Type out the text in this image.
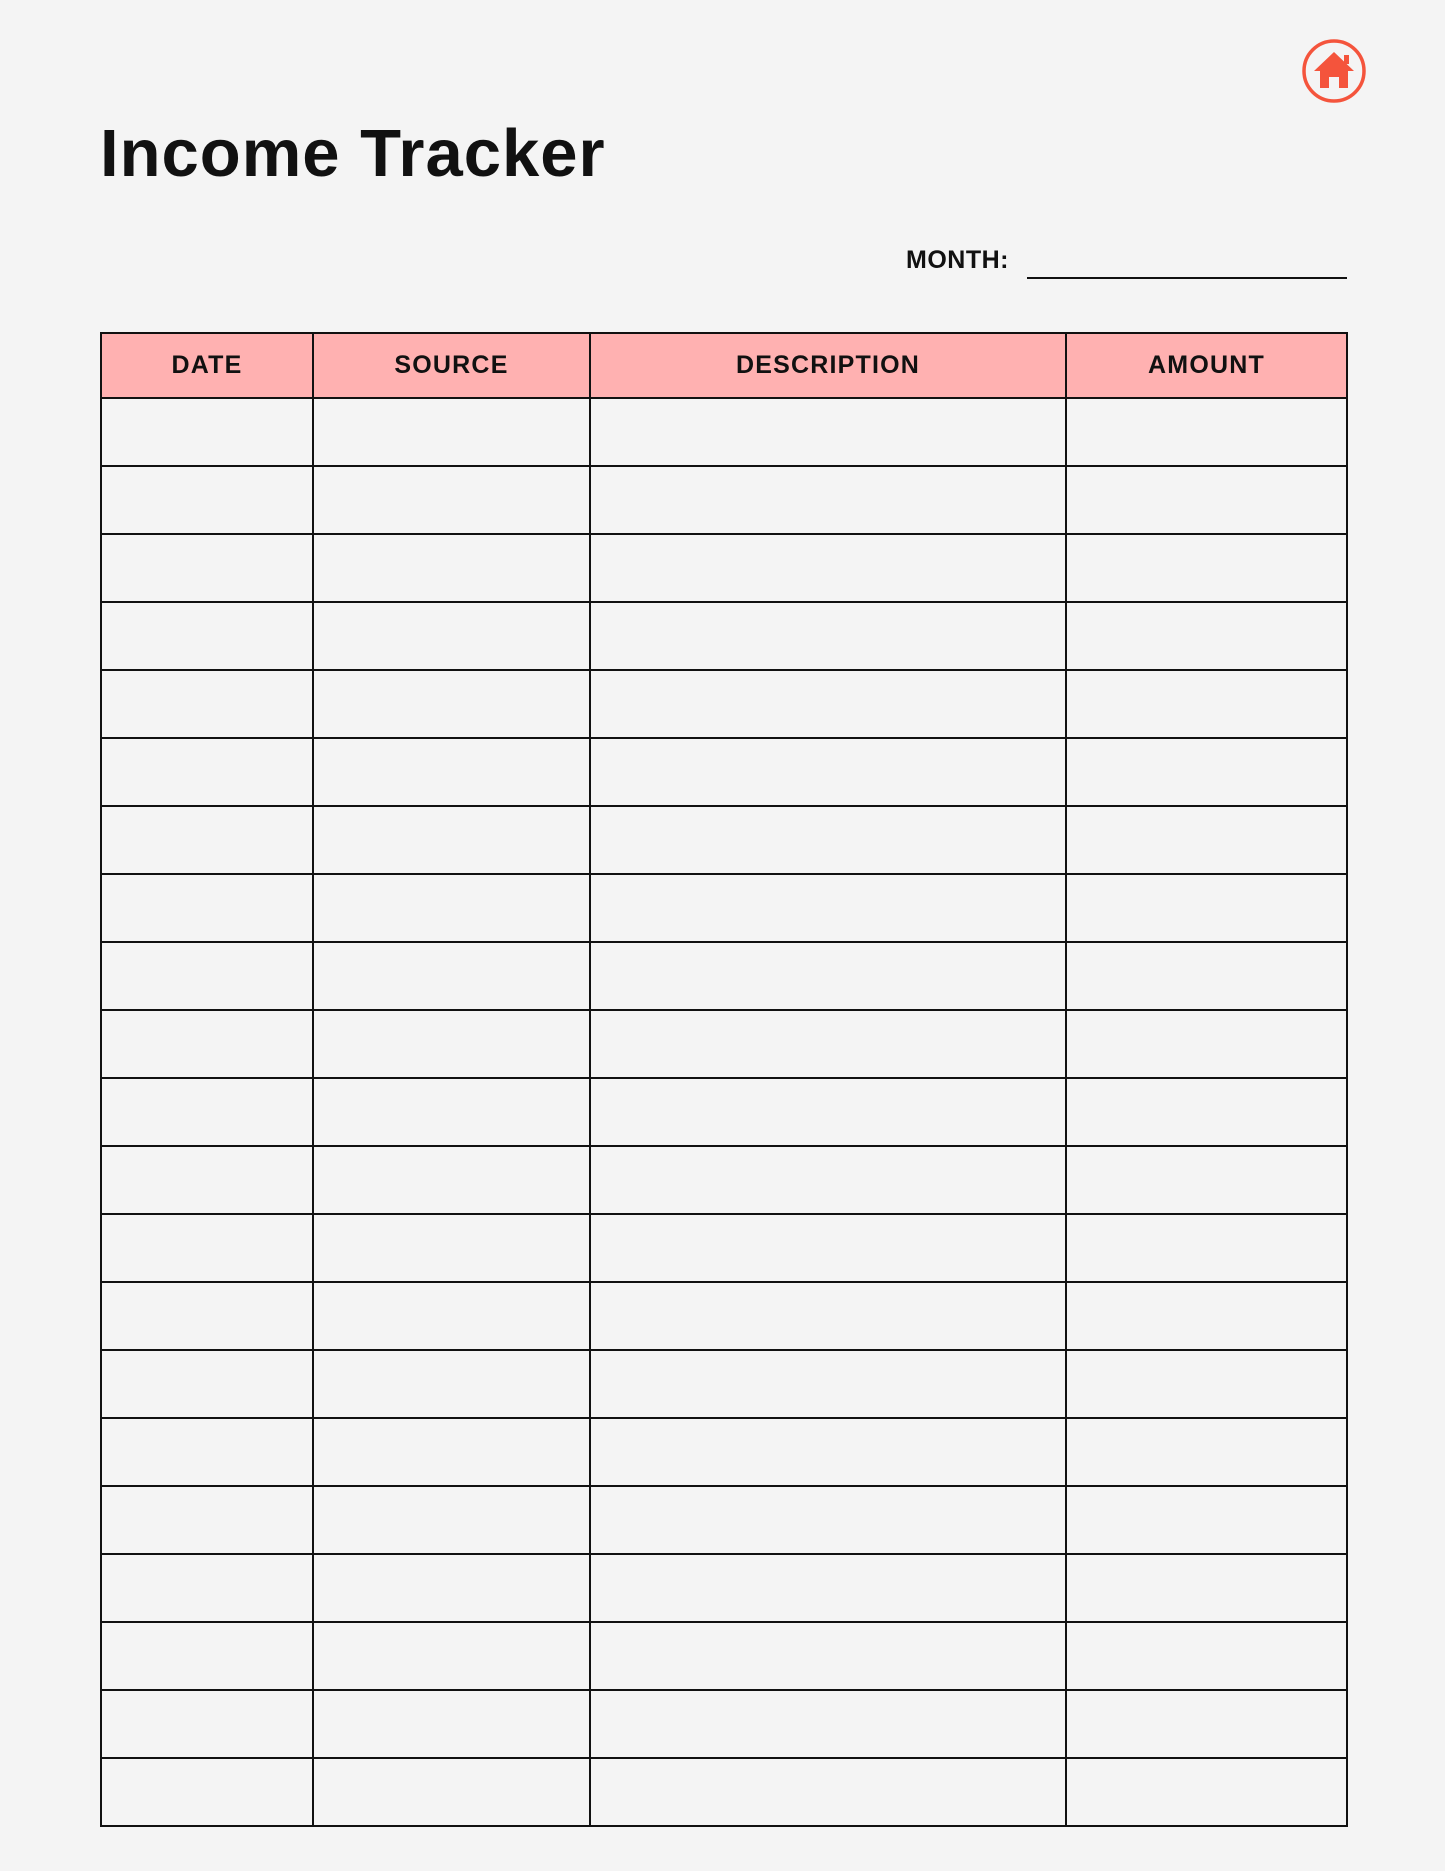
Income Tracker
MONTH:
DATE	SOURCE	DESCRIPTION	AMOUNT
